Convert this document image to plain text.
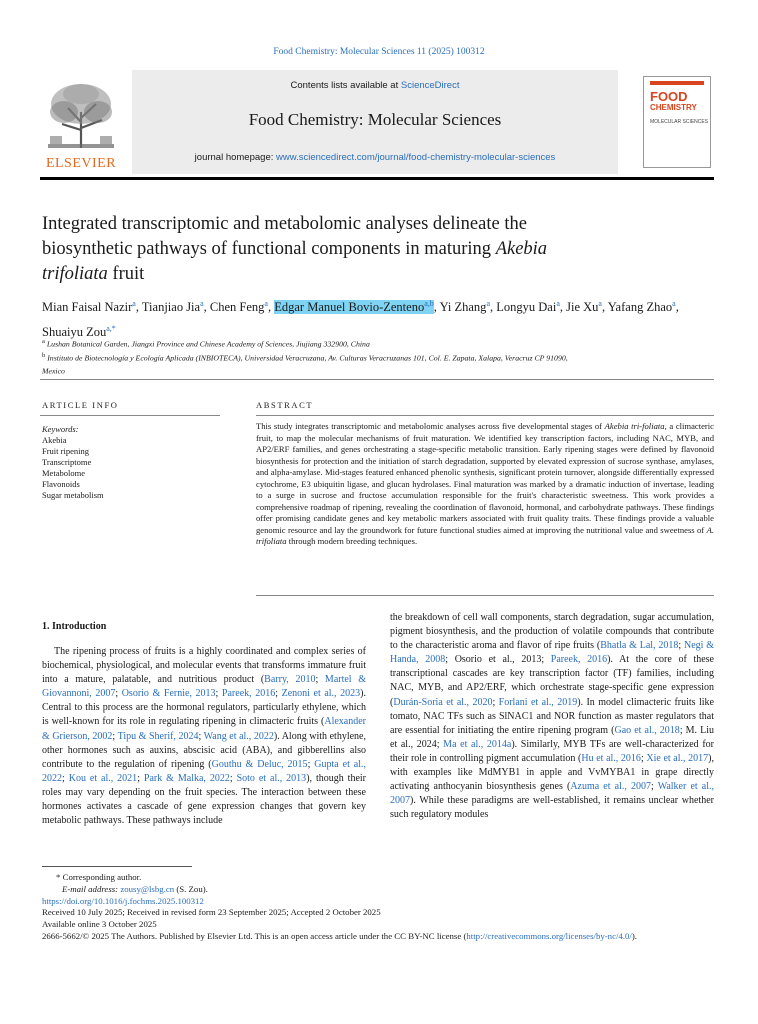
Food Chemistry: Molecular Sciences 11 (2025) 100312
ELSEVIER
Contents lists available at ScienceDirect
Food Chemistry: Molecular Sciences
journal homepage: www.sciencedirect.com/journal/food-chemistry-molecular-sciences
FOOD
CHEMISTRY
MOLECULAR SCIENCES
Integrated transcriptomic and metabolomic analyses delineate the
biosynthetic pathways of functional components in maturing Akebia
trifoliata fruit
Mian Faisal Nazir$^a$, Tianjiao Jia$^a$, Chen Feng$^a$, Edgar Manuel Bovio-Zenteno$^{a,b}$, Yi Zhang$^a$, Longyu Dai$^a$, Jie Xu$^a$, Yafang Zhao$^a$, Shuaiyu Zou$^{a,*}$
$^a$ Lushan Botanical Garden, Jiangxi Province and Chinese Academy of Sciences, Jiujiang 332900, China
$^b$ Instituto de Biotecnología y Ecología Aplicada (INBIOTECA), Universidad Veracruzana, Av. Culturas Veracruzanas 101, Col. E. Zapata, Xalapa, Veracruz CP 91090,
Mexico
ARTICLE INFO	ABSTRACT
Keywords:
Akebia
Fruit ripening
Transcriptome
Metabolome
Flavonoids
Sugar metabolism
This study integrates transcriptomic and metabolomic analyses across five developmental stages of Akebia tri-foliata, a climacteric fruit, to map the molecular mechanisms of fruit maturation. We identified key transcription factors, including NAC, MYB, and AP2/ERF families, and genes orchestrating a stage-specific metabolic transition. Early ripening stages were defined by flavonoid biosynthesis for protection and the initiation of starch degradation, supported by elevated expression of sucrose synthase, amylases, and alpha-amylase. Mid-stages featured enhanced phenolic synthesis, significant protein turnover, alongside differentially expressed cytochrome, E3 ubiquitin ligase, and glucan hydrolases. Final maturation was marked by a dramatic induction of invertase, leading to a surge in sucrose and fructose accumulation responsible for the fruit's characteristic sweetness. This work provides a comprehensive roadmap of ripening, revealing the coordination of flavonoid, hormonal, and carbohydrate pathways. These findings offer promising candidate genes and key metabolic markers associated with fruit quality traits. These findings provide a valuable genomic resource and lay the groundwork for future functional studies aimed at improving the nutritional value and sweetness of A. trifoliata through modern breeding techniques.
1. Introduction

The ripening process of fruits is a highly coordinated and complex series of biochemical, physiological, and molecular events that transforms immature fruit into a mature, palatable, and nutritious product (Barry, 2010; Martel & Giovannoni, 2007; Osorio & Fernie, 2013; Pareek, 2016; Zenoni et al., 2023). Central to this process are the hormonal regulators, particularly ethylene, which is well-known for its role in regulating ripening in climacteric fruits (Alexander & Grierson, 2002; Tipu & Sherif, 2024; Wang et al., 2022). Along with ethylene, other hormones such as auxins, abscisic acid (ABA), and gibberellins also contribute to the regulation of ripening (Gouthu & Deluc, 2015; Gupta et al., 2022; Kou et al., 2021; Park & Malka, 2022; Soto et al., 2013), though their roles may vary depending on the fruit species. The interaction between these hormones activates a cascade of gene expression changes that govern key metabolic pathways. These pathways include

the breakdown of cell wall components, starch degradation, sugar accumulation, pigment biosynthesis, and the production of volatile compounds that contribute to the characteristic aroma and flavor of ripe fruits (Bhatla & Lal, 2018; Negi & Handa, 2008; Osorio et al., 2013; Pareek, 2016). At the core of these transcriptional cascades are key transcription factor (TF) families, including NAC, MYB, and AP2/ERF, which orchestrate stage-specific gene expression (Durán-Soria et al., 2020; Forlani et al., 2019). In model climacteric fruits like tomato, NAC TFs such as SlNAC1 and NOR function as master regulators that are essential for initiating the entire ripening program (Gao et al., 2018; M. Liu et al., 2024; Ma et al., 2014a). Similarly, MYB TFs are well-characterized for their role in controlling pigment accumulation (Hu et al., 2016; Xie et al., 2017), with examples like MdMYB1 in apple and VvMYBA1 in grape directly activating anthocyanin biosynthesis genes (Azuma et al., 2007; Walker et al., 2007). While these paradigms are well-established, it remains unclear whether such regulatory modules

* Corresponding author.
E-mail address: zousy@lsbg.cn (S. Zou).
https://doi.org/10.1016/j.fochms.2025.100312
Received 10 July 2025; Received in revised form 23 September 2025; Accepted 2 October 2025
Available online 3 October 2025
2666-5662/© 2025 The Authors. Published by Elsevier Ltd. This is an open access article under the CC BY-NC license (http://creativecommons.org/licenses/by-nc/4.0/).
